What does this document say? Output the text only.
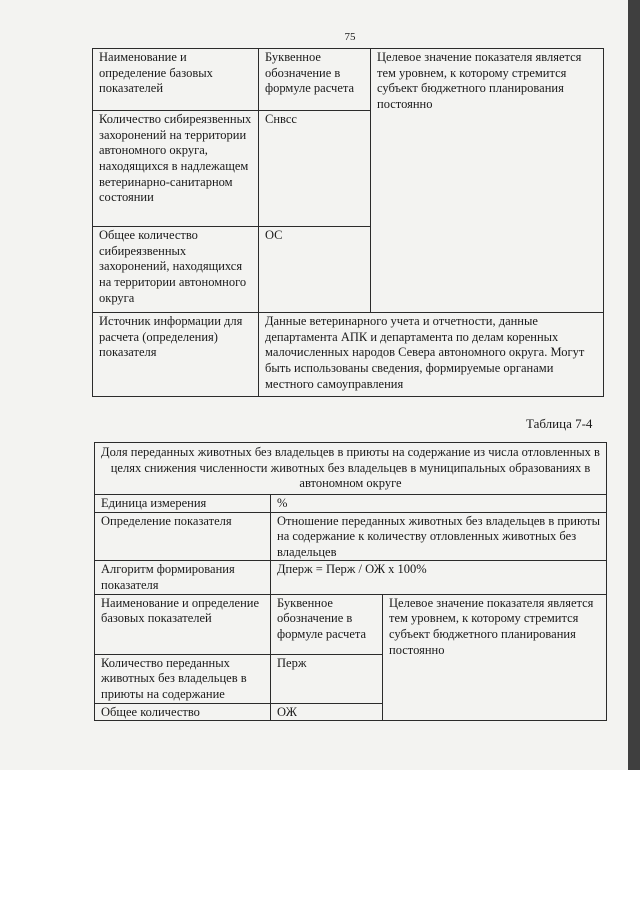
75
Наименование и определение базовых показателей	Буквенное обозначение в формуле расчета	Целевое значение показателя является тем уровнем, к которому стремится субъект бюджетного планирования постоянно
Количество сибиреязвенных захоронений на территории автономного округа, находящихся в надлежащем ветеринарно-санитарном состоянии	Снвсс	
Общее количество сибиреязвенных захоронений, находящихся на территории автономного округа	ОС	
Источник информации для расчета (определения) показателя	Данные ветеринарного учета и отчетности, данные департамента АПК и департамента по делам коренных малочисленных народов Севера автономного округа. Могут быть использованы сведения, формируемые органами местного самоуправления	
Таблица 7-4
Доля переданных животных без владельцев в приюты на содержание из числа отловленных в целях снижения численности животных без владельцев в муниципальных образованиях в автономном округе		
Единица измерения	%	
Определение показателя	Отношение переданных животных без владельцев в приюты на содержание к количеству отловленных животных без владельцев	
Алгоритм формирования показателя	Дперж = Перж / ОЖ x 100%	
Наименование и определение базовых показателей	Буквенное обозначение в формуле расчета	Целевое значение показателя является тем уровнем, к которому стремится субъект бюджетного планирования постоянно
Количество переданных животных без владельцев в приюты на содержание	Перж	
Общее количество	ОЖ	
